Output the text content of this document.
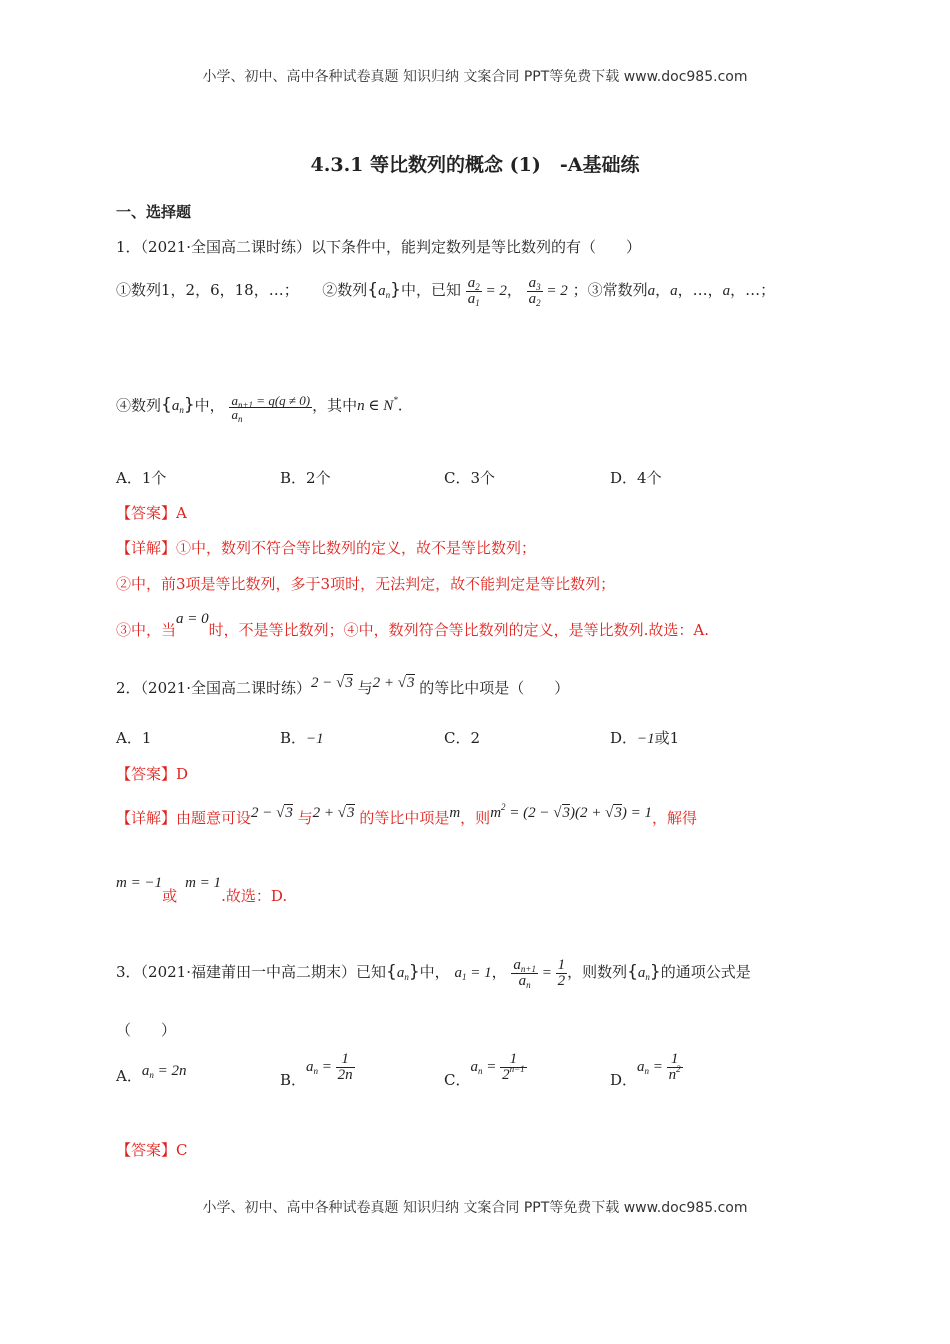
小学、初中、高中各种试卷真题 知识归纳 文案合同 PPT等免费下载 www.doc985.com
4.3.1 等比数列的概念 (1)　-A基础练
一、选择题
1．（2021·全国高二课时练）以下条件中，能判定数列是等比数列的有（　　）
①数列1，2，6，18，…； ②数列$\{a_n\}$中，已知 $\frac{a_2}{a_1} = 2$， $\frac{a_3}{a_2} = 2$ ；③常数列a，a，…，a，…；
④数列$\{a_n\}$中， $\frac{a_{n+1} = q(q \ne 0)}{a_n}$ ，其中n ∈ N*.
A．1个	B．2个	C．3个	D．4个
【答案】A
【详解】①中，数列不符合等比数列的定义，故不是等比数列；
②中，前3项是等比数列，多于3项时，无法判定，故不能判定是等比数列；
③中，当a = 0时，不是等比数列；④中，数列符合等比数列的定义，是等比数列.故选：A.
2．（2021·全国高二课时练）2 − √3 与2 + √3 的等比中项是（　　）
A．1	B．−1	C．2	D．−1或1
【答案】D
【详解】由题意可设2 − √3 与2 + √3 的等比中项是m，则$m^2 = (2 - √3)(2 + √3) = 1$，解得
m = −1或m = 1.故选：D.
3．（2021·福建莆田一中高二期末）已知$\{a_n\}$中， $a_1 = 1$， $\frac{a_{n+1}}{a_n} = \frac{1}{2}$ ，则数列$\{a_n\}$的通项公式是
（　　）
A．$a_n = 2n$	B．$a_n = \frac{1}{2n}$	C．$a_n = \frac{1}{2^{n-1}}$	D．$a_n = \frac{1}{n^2}$
【答案】C
小学、初中、高中各种试卷真题 知识归纳 文案合同 PPT等免费下载 www.doc985.com
